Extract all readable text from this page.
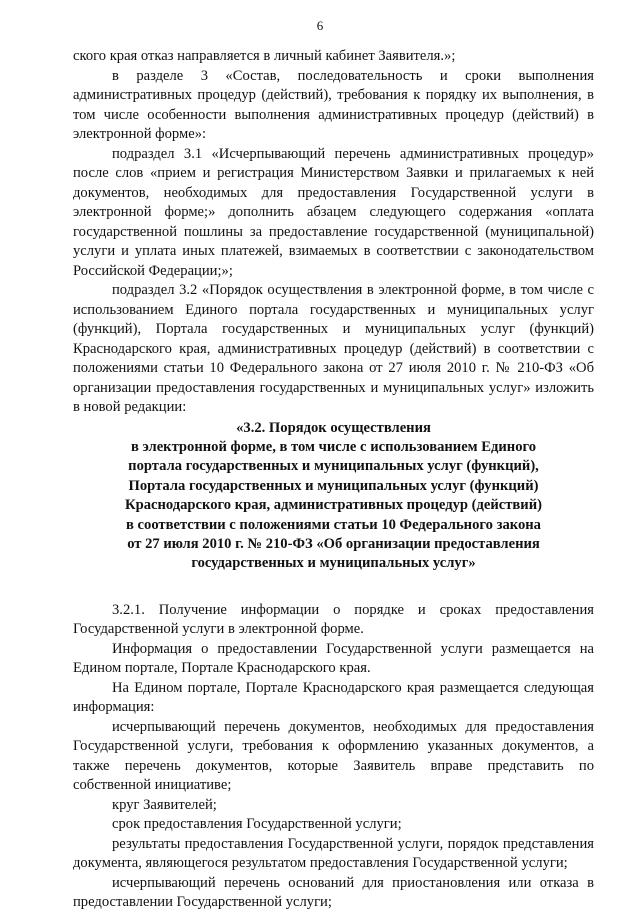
6

ского края отказ направляется в личный кабинет Заявителя.»;

в разделе 3 «Состав, последовательность и сроки выполнения административных процедур (действий), требования к порядку их выполнения, в том числе особенности выполнения административных процедур (действий) в электронной форме»:

подраздел 3.1 «Исчерпывающий перечень административных процедур» после слов «прием и регистрация Министерством Заявки и прилагаемых к ней документов, необходимых для предоставления Государственной услуги в электронной форме;» дополнить абзацем следующего содержания «оплата государственной пошлины за предоставление государственной (муниципальной) услуги и уплата иных платежей, взимаемых в соответствии с законодательством Российской Федерации;»;

подраздел 3.2 «Порядок осуществления в электронной форме, в том числе с использованием Единого портала государственных и муниципальных услуг (функций), Портала государственных и муниципальных услуг (функций) Краснодарского края, административных процедур (действий) в соответствии с положениями статьи 10 Федерального закона от 27 июля 2010 г. № 210-ФЗ «Об организации предоставления государственных и муниципальных услуг» изложить в новой редакции:

«3.2. Порядок осуществления
в электронной форме, в том числе с использованием Единого
портала государственных и муниципальных услуг (функций),
Портала государственных и муниципальных услуг (функций)
Краснодарского края, административных процедур (действий)
в соответствии с положениями статьи 10 Федерального закона
от 27 июля 2010 г. № 210-ФЗ «Об организации предоставления
государственных и муниципальных услуг»

3.2.1. Получение информации о порядке и сроках предоставления Государственной услуги в электронной форме.

Информация о предоставлении Государственной услуги размещается на Едином портале, Портале Краснодарского края.

На Едином портале, Портале Краснодарского края размещается следующая информация:

исчерпывающий перечень документов, необходимых для предоставления Государственной услуги, требования к оформлению указанных документов, а также перечень документов, которые Заявитель вправе представить по собственной инициативе;

круг Заявителей;

срок предоставления Государственной услуги;

результаты предоставления Государственной услуги, порядок представления документа, являющегося результатом предоставления Государственной услуги;

исчерпывающий перечень оснований для приостановления или отказа в предоставлении Государственной услуги;
